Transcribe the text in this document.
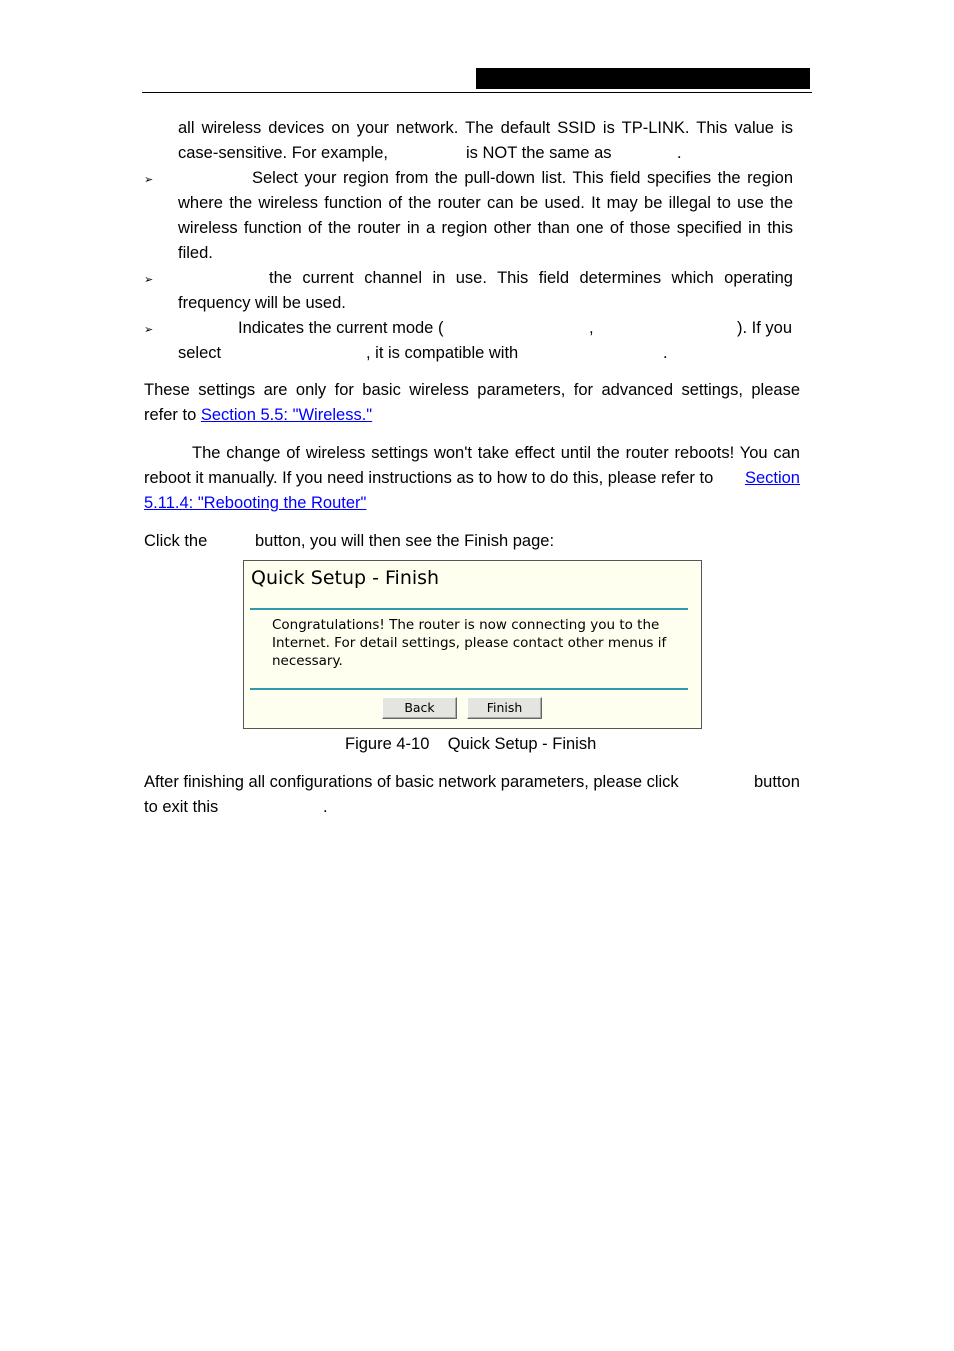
all wireless devices on your network. The default SSID is TP-LINK. This value is
case-sensitive. For example,	is NOT the same as	.
➢	Select your region from the pull-down list. This field specifies the region
where the wireless function of the router can be used. It may be illegal to use the
wireless function of the router in a region other than one of those specified in this
filed.
➢	the current channel in use. This field determines which operating
frequency will be used.
➢	Indicates the current mode (	,	). If you
select	, it is compatible with	.
These settings are only for basic wireless parameters, for advanced settings, please
refer to Section 5.5: "Wireless."
The change of wireless settings won't take effect until the router reboots! You can
reboot it manually. If you need instructions as to how to do this, please refer to Section
5.11.4: "Rebooting the Router"
Click the	button, you will then see the Finish page:
Quick Setup - Finish
Congratulations! The router is now connecting you to the Internet. For detail settings, please contact other menus if necessary.
Back	Finish
Figure 4-10    Quick Setup - Finish
After finishing all configurations of basic network parameters, please click	button
to exit this	.
